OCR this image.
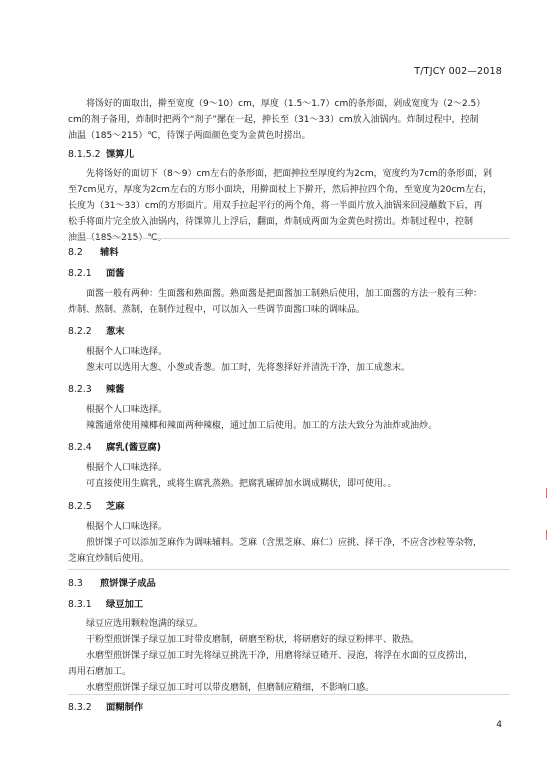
T/TJCY 002—2018
将饧好的面取出，擀至宽度（9～10）cm，厚度（1.5～1.7）cm的条形面，剁成宽度为（2～2.5）
cm的剂子备用，炸制时把两个“剂子”摞在一起，抻长至（31～33）cm放入油锅内。炸制过程中，控制
油温（185～215）℃，待馃子两面颜色变为金黄色时捞出。
8.1.5.2 馃箅儿
先将饧好的面切下（8～9）cm左右的条形面，把面抻拉至厚度约为2cm，宽度约为7cm的条形面，剁
至7cm见方，厚度为2cm左右的方形小面块，用擀面杖上下擀开，然后抻拉四个角，至宽度为20cm左右，
长度为（31～33）cm的方形面片。用双手拉起平行的两个角，将一半面片放入油锅来回浸蘸数下后，再
松手将面片完全放入油锅内，待馃箅儿上浮后，翻面，炸制成两面为金黄色时捞出。炸制过程中，控制
油温（185～215）℃。
8.2 辅料
8.2.1 面酱
面酱一般有两种：生面酱和熟面酱。熟面酱是把面酱加工制熟后使用，加工面酱的方法一般有三种：
炸制、熬制、蒸制，在制作过程中，可以加入一些调节面酱口味的调味品。
8.2.2 葱末
根据个人口味选择。
葱末可以选用大葱、小葱或香葱。加工时，先将葱择好并清洗干净，加工成葱末。
8.2.3 辣酱
根据个人口味选择。
辣酱通常使用辣椰和辣面两种辣椒，通过加工后使用。加工的方法大致分为油炸或油炒。
8.2.4 腐乳(酱豆腐)
根据个人口味选择。
可直接使用生腐乳，或将生腐乳蒸熟。把腐乳碾碎加水调成糊状，即可使用。。
8.2.5 芝麻
根据个人口味选择。
煎饼馃子可以添加芝麻作为调味辅料。芝麻（含黑芝麻、麻仁）应挑、择干净，不应含沙粒等杂物，
芝麻宜炒制后使用。
8.3 煎饼馃子成品
8.3.1 绿豆加工
绿豆应选用颗粒饱满的绿豆。
干粉型煎饼馃子绿豆加工时带皮磨制，研磨至粉状，将研磨好的绿豆粉摔平、散热。
水磨型煎饼馃子绿豆加工时先将绿豆挑洗干净，用磨将绿豆碴开、浸泡，将浮在水面的豆皮捞出，
再用石磨加工。
水磨型煎饼馃子绿豆加工时可以带皮磨制，但磨制应精细，不影响口感。
8.3.2 面糊制作
4
